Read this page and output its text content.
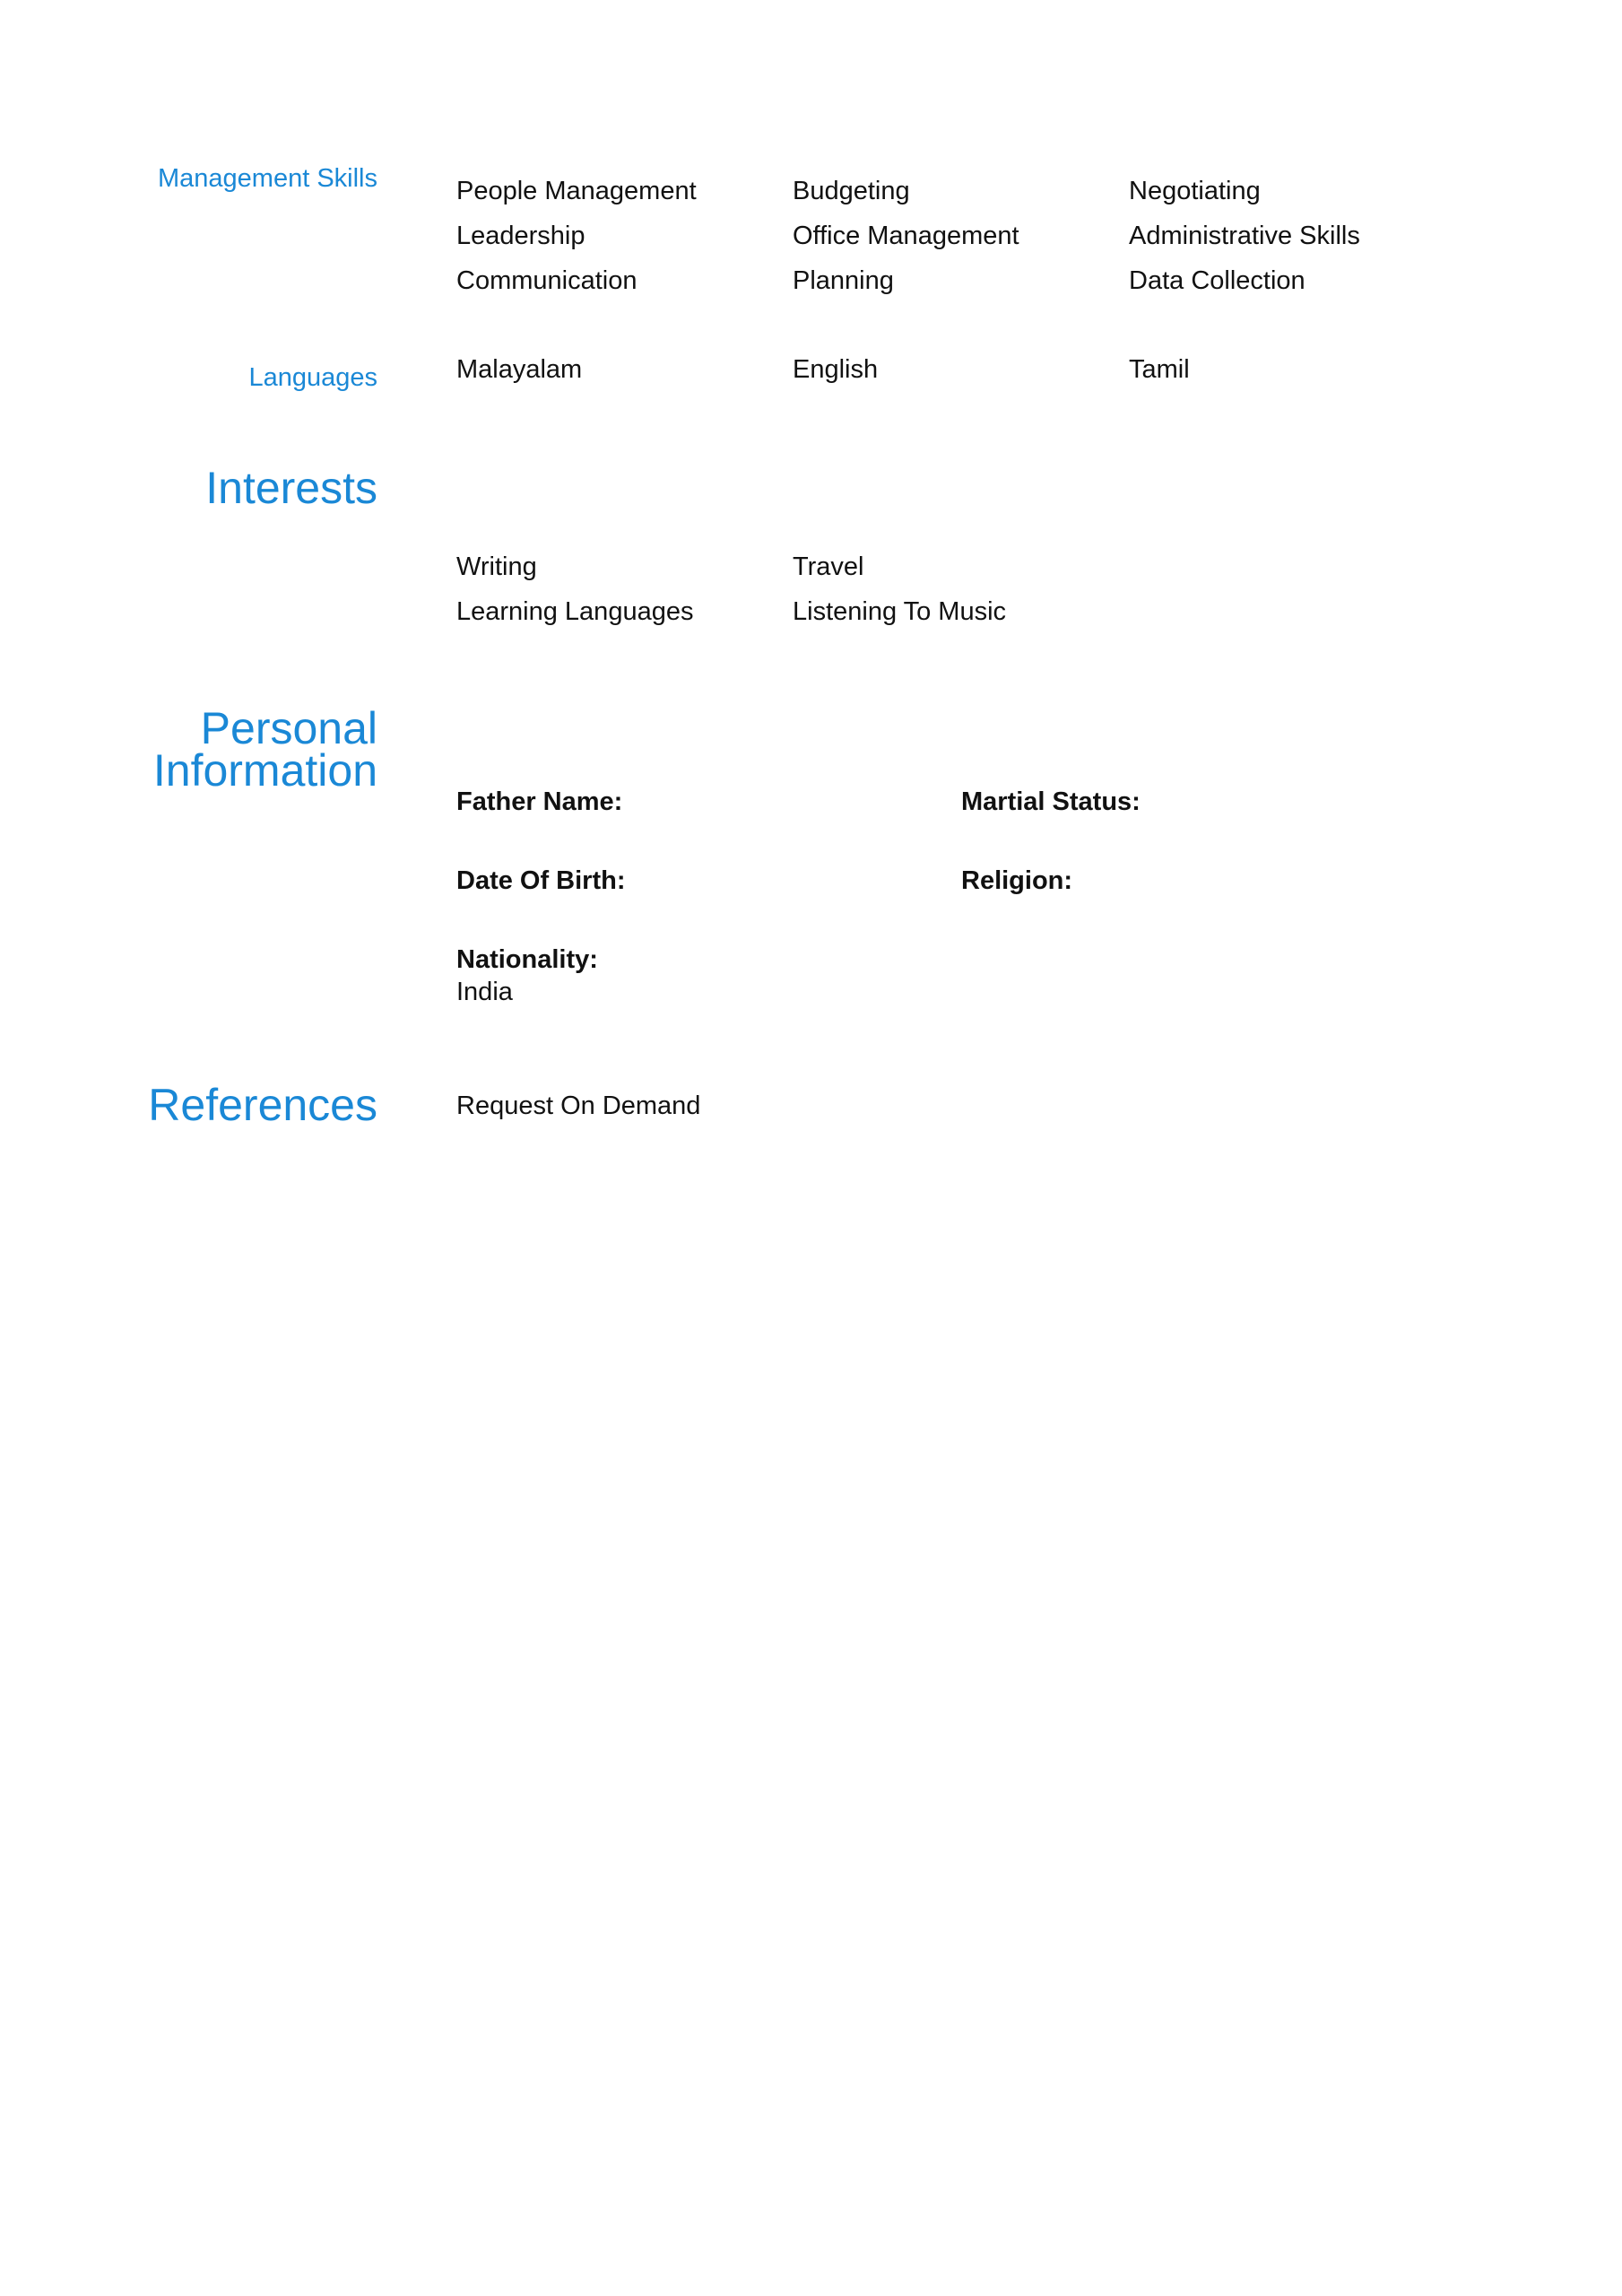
Management Skills	People Management	Budgeting	Negotiating
Leadership	Office Management	Administrative Skills
Communication	Planning	Data Collection
Languages	Malayalam	English	Tamil
Interests
Writing	Travel
Learning Languages	Listening To Music
Personal
Information
Father Name:	Martial Status:
Date Of Birth:	Religion:
Nationality:
India
References	Request On Demand
